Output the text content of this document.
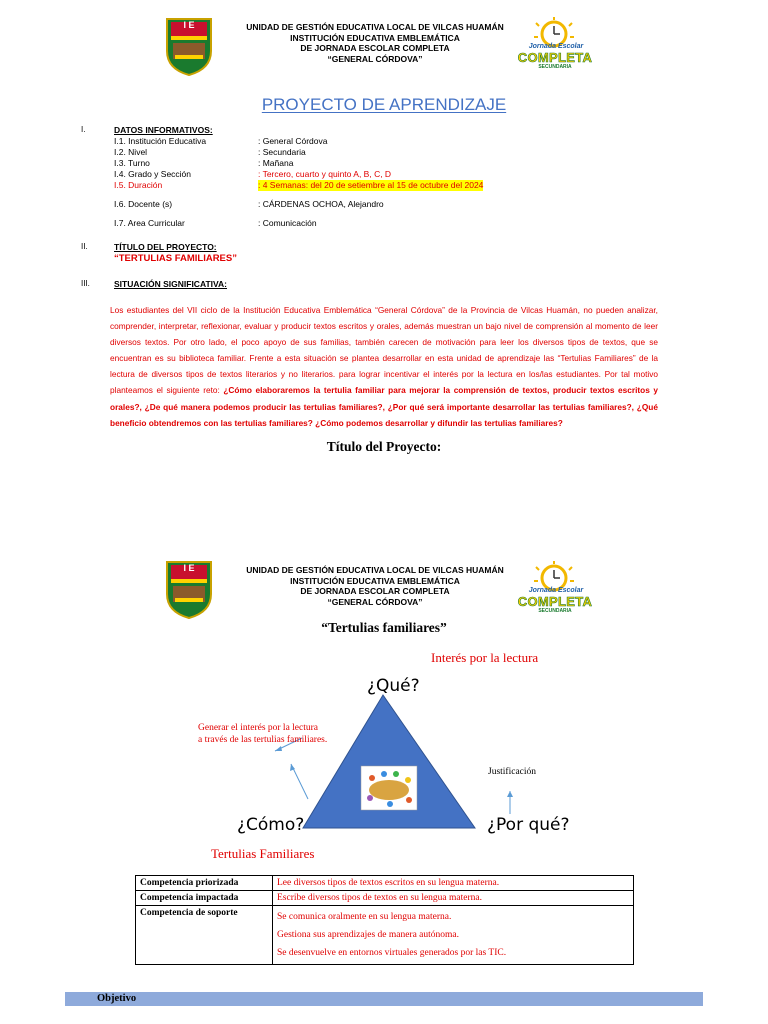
I E	UNIDAD DE GESTIÓN EDUCATIVA LOCAL DE VILCAS HUAMÁN
INSTITUCIÓN EDUCATIVA EMBLEMÁTICA
DE JORNADA ESCOLAR COMPLETA
“GENERAL CÓRDOVA”
Jornada Escolar
COMPLETA
SECUNDARIA
PROYECTO DE APRENDIZAJE
I.	DATOS INFORMATIVOS:
I.1. Institución Educativa	: General Córdova
I.2. Nivel	: Secundaria
I.3. Turno	: Mañana
I.4. Grado y Sección	: Tercero, cuarto y quinto A, B, C, D
I.5. Duración	: 4 Semanas: del 20 de setiembre al 15 de octubre del 2024
I.6. Docente (s)	: CÁRDENAS OCHOA, Alejandro
I.7. Area Curricular	: Comunicación
II.	TÍTULO DEL PROYECTO:
“TERTULIAS FAMILIARES”
III.	SITUACIÓN SIGNIFICATIVA:
Los estudiantes del VII ciclo de la Institución Educativa Emblemática “General Córdova” de la Provincia de Vilcas Huamán, no pueden analizar, comprender, interpretar, reflexionar, evaluar y producir textos escritos y orales, además muestran un bajo nivel de comprensión al momento de leer diversos textos. Por otro lado, el poco apoyo de sus familias, también carecen de motivación para leer los diversos tipos de textos, que se encuentran es su biblioteca familiar. Frente a esta situación se plantea desarrollar en esta unidad de aprendizaje las “Tertulias Familiares” de la lectura de diversos tipos de textos literarios y no literarios. para lograr incentivar el interés por la lectura en los/las estudiantes. Por tal motivo planteamos el siguiente reto: ¿Cómo elaboraremos la tertulia familiar para mejorar la comprensión de textos, producir textos escritos y orales?, ¿De qué manera podemos producir las tertulias familiares?, ¿Por qué será importante desarrollar las tertulias familiares?, ¿Qué beneficio obtendremos con las tertulias familiares? ¿Cómo podemos desarrollar y difundir las tertulias familiares?
Título del Proyecto:
I E	UNIDAD DE GESTIÓN EDUCATIVA LOCAL DE VILCAS HUAMÁN
INSTITUCIÓN EDUCATIVA EMBLEMÁTICA
DE JORNADA ESCOLAR COMPLETA
“GENERAL CÓRDOVA”
Jornada Escolar
COMPLETA
SECUNDARIA
“Tertulias familiares”
Interés por la lectura
¿Qué?
Generar el interés por la lectura
a través de las tertulias familiares.
Justificación
¿Cómo?	¿Por qué?
Tertulias Familiares
Competencia priorizada	Lee diversos tipos de textos escritos en su lengua materna.

Competencia impactada	Escribe diversos tipos de textos en su lengua materna.

Competencia de soporte	Se comunica oralmente en su lengua materna.
Gestiona sus aprendizajes de manera autónoma.
Se desenvuelve en entornos virtuales generados por las TIC.
Objetivo
